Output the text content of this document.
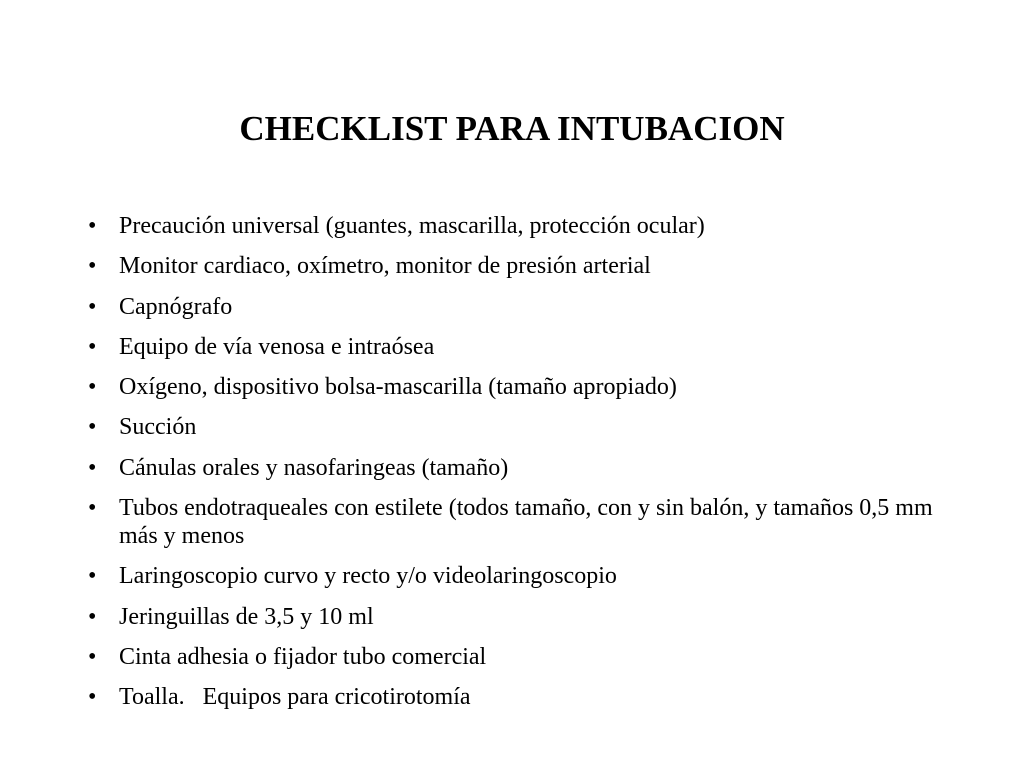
CHECKLIST PARA INTUBACION
• Precaución universal (guantes, mascarilla, protección ocular)
• Monitor cardiaco, oxímetro, monitor de presión arterial
• Capnógrafo
• Equipo de vía venosa e intraósea
• Oxígeno, dispositivo bolsa-mascarilla (tamaño apropiado)
• Succión
• Cánulas orales y nasofaringeas (tamaño)
• Tubos endotraqueales con estilete (todos tamaño, con y sin balón, y tamaños 0,5 mm más y menos
• Laringoscopio curvo y recto y/o videolaringoscopio
• Jeringuillas de 3,5 y 10 ml
• Cinta adhesia o fijador tubo comercial
• Toalla.   Equipos para cricotirotomía
